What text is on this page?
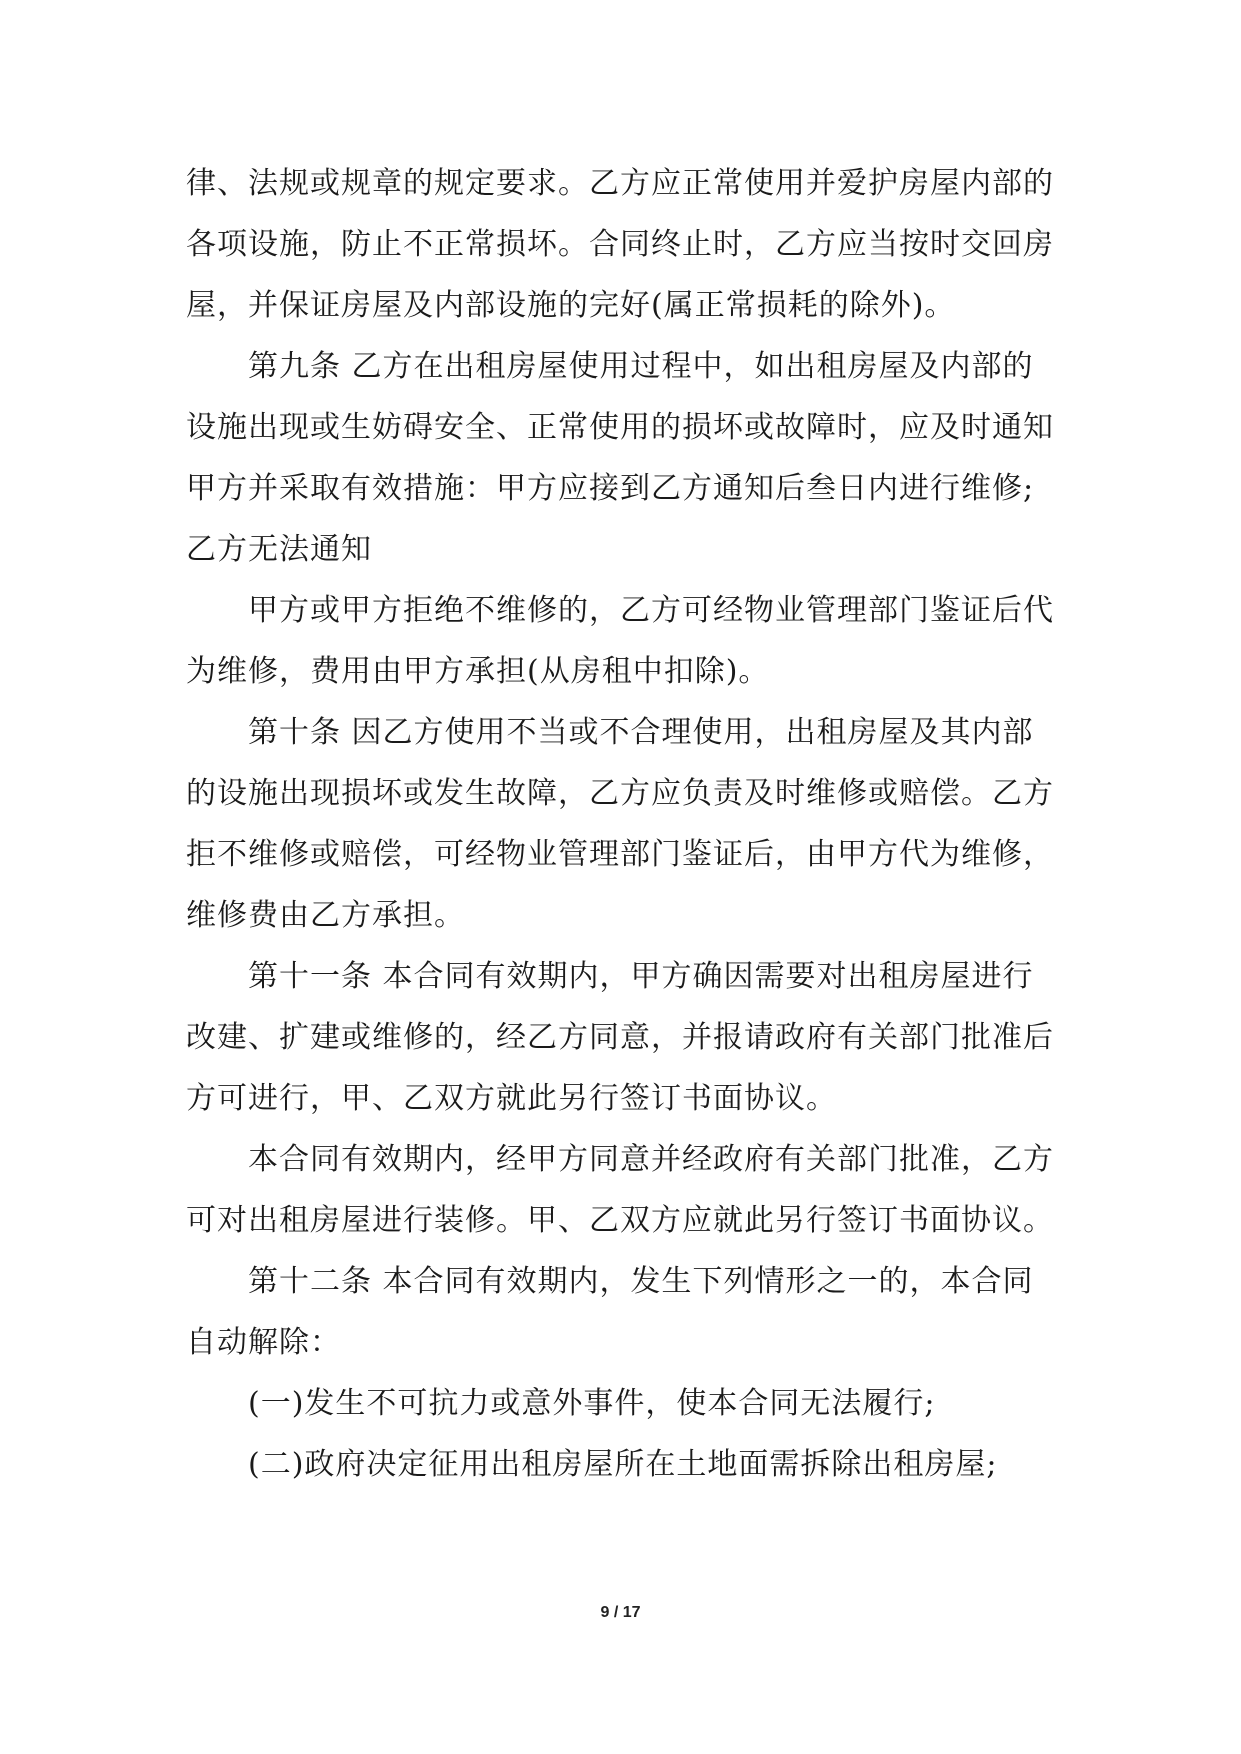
律、法规或规章的规定要求。乙方应正常使用并爱护房屋内部的
各项设施，防止不正常损坏。合同终止时，乙方应当按时交回房
屋，并保证房屋及内部设施的完好(属正常损耗的除外)。

第九条 乙方在出租房屋使用过程中，如出租房屋及内部的
设施出现或生妨碍安全、正常使用的损坏或故障时，应及时通知
甲方并采取有效措施：甲方应接到乙方通知后叁日内进行维修;
乙方无法通知

甲方或甲方拒绝不维修的，乙方可经物业管理部门鉴证后代
为维修，费用由甲方承担(从房租中扣除)。

第十条 因乙方使用不当或不合理使用，出租房屋及其内部
的设施出现损坏或发生故障，乙方应负责及时维修或赔偿。乙方
拒不维修或赔偿，可经物业管理部门鉴证后，由甲方代为维修，
维修费由乙方承担。

第十一条 本合同有效期内，甲方确因需要对出租房屋进行
改建、扩建或维修的，经乙方同意，并报请政府有关部门批准后
方可进行，甲、乙双方就此另行签订书面协议。

本合同有效期内，经甲方同意并经政府有关部门批准，乙方
可对出租房屋进行装修。甲、乙双方应就此另行签订书面协议。

第十二条 本合同有效期内，发生下列情形之一的，本合同
自动解除：

(一)发生不可抗力或意外事件，使本合同无法履行;

(二)政府决定征用出租房屋所在土地面需拆除出租房屋;

9 / 17
